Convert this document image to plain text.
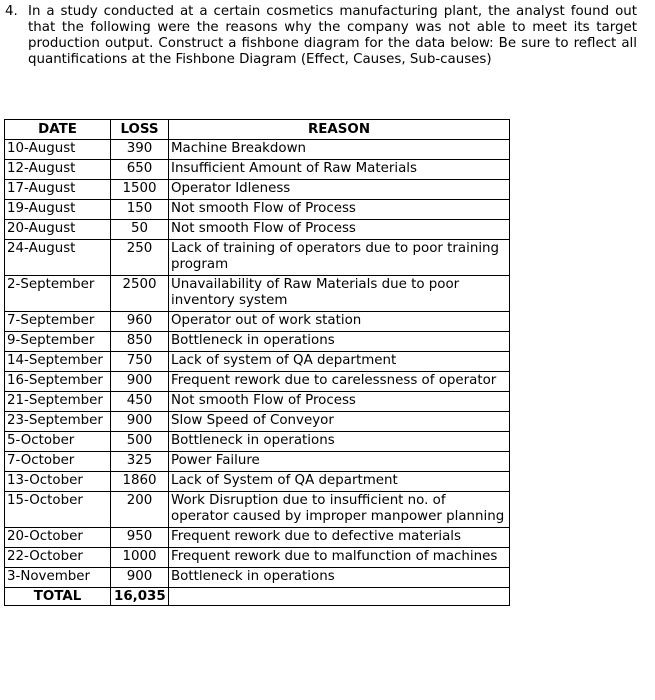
4. In a study conducted at a certain cosmetics manufacturing plant, the analyst found out that the following were the reasons why the company was not able to meet its target production output. Construct a fishbone diagram for the data below: Be sure to reflect all quantifications at the Fishbone Diagram (Effect, Causes, Sub-causes)
DATE	LOSS	REASON
10-August	390	Machine Breakdown
12-August	650	Insufficient Amount of Raw Materials
17-August	1500	Operator Idleness
19-August	150	Not smooth Flow of Process
20-August	50	Not smooth Flow of Process
24-August	250	Lack of training of operators due to poor training program
2-September	2500	Unavailability of Raw Materials due to poor inventory system
7-September	960	Operator out of work station
9-September	850	Bottleneck in operations
14-September	750	Lack of system of QA department
16-September	900	Frequent rework due to carelessness of operator
21-September	450	Not smooth Flow of Process
23-September	900	Slow Speed of Conveyor
5-October	500	Bottleneck in operations
7-October	325	Power Failure
13-October	1860	Lack of System of QA department
15-October	200	Work Disruption due to insufficient no. of operator caused by improper manpower planning
20-October	950	Frequent rework due to defective materials
22-October	1000	Frequent rework due to malfunction of machines
3-November	900	Bottleneck in operations
TOTAL	16,035	
